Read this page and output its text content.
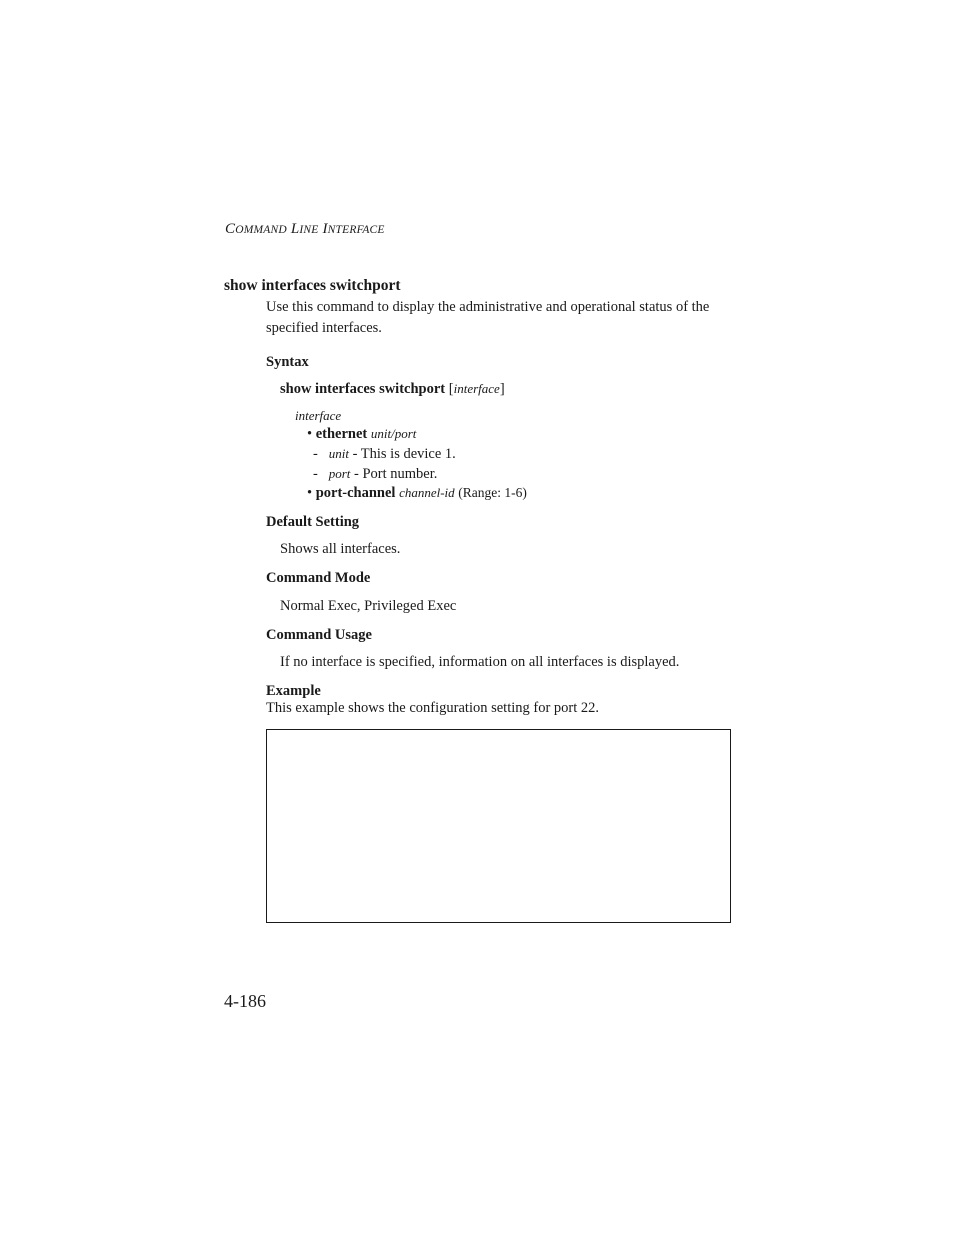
COMMAND LINE INTERFACE
show interfaces switchport
Use this command to display the administrative and operational status of the specified interfaces.
Syntax
show interfaces switchport [interface]
interface
• ethernet unit/port
-   unit - This is device 1.
-   port - Port number.
• port-channel channel-id (Range: 1-6)
Default Setting
Shows all interfaces.
Command Mode
Normal Exec, Privileged Exec
Command Usage
If no interface is specified, information on all interfaces is displayed.
Example
This example shows the configuration setting for port 22.
4-186
